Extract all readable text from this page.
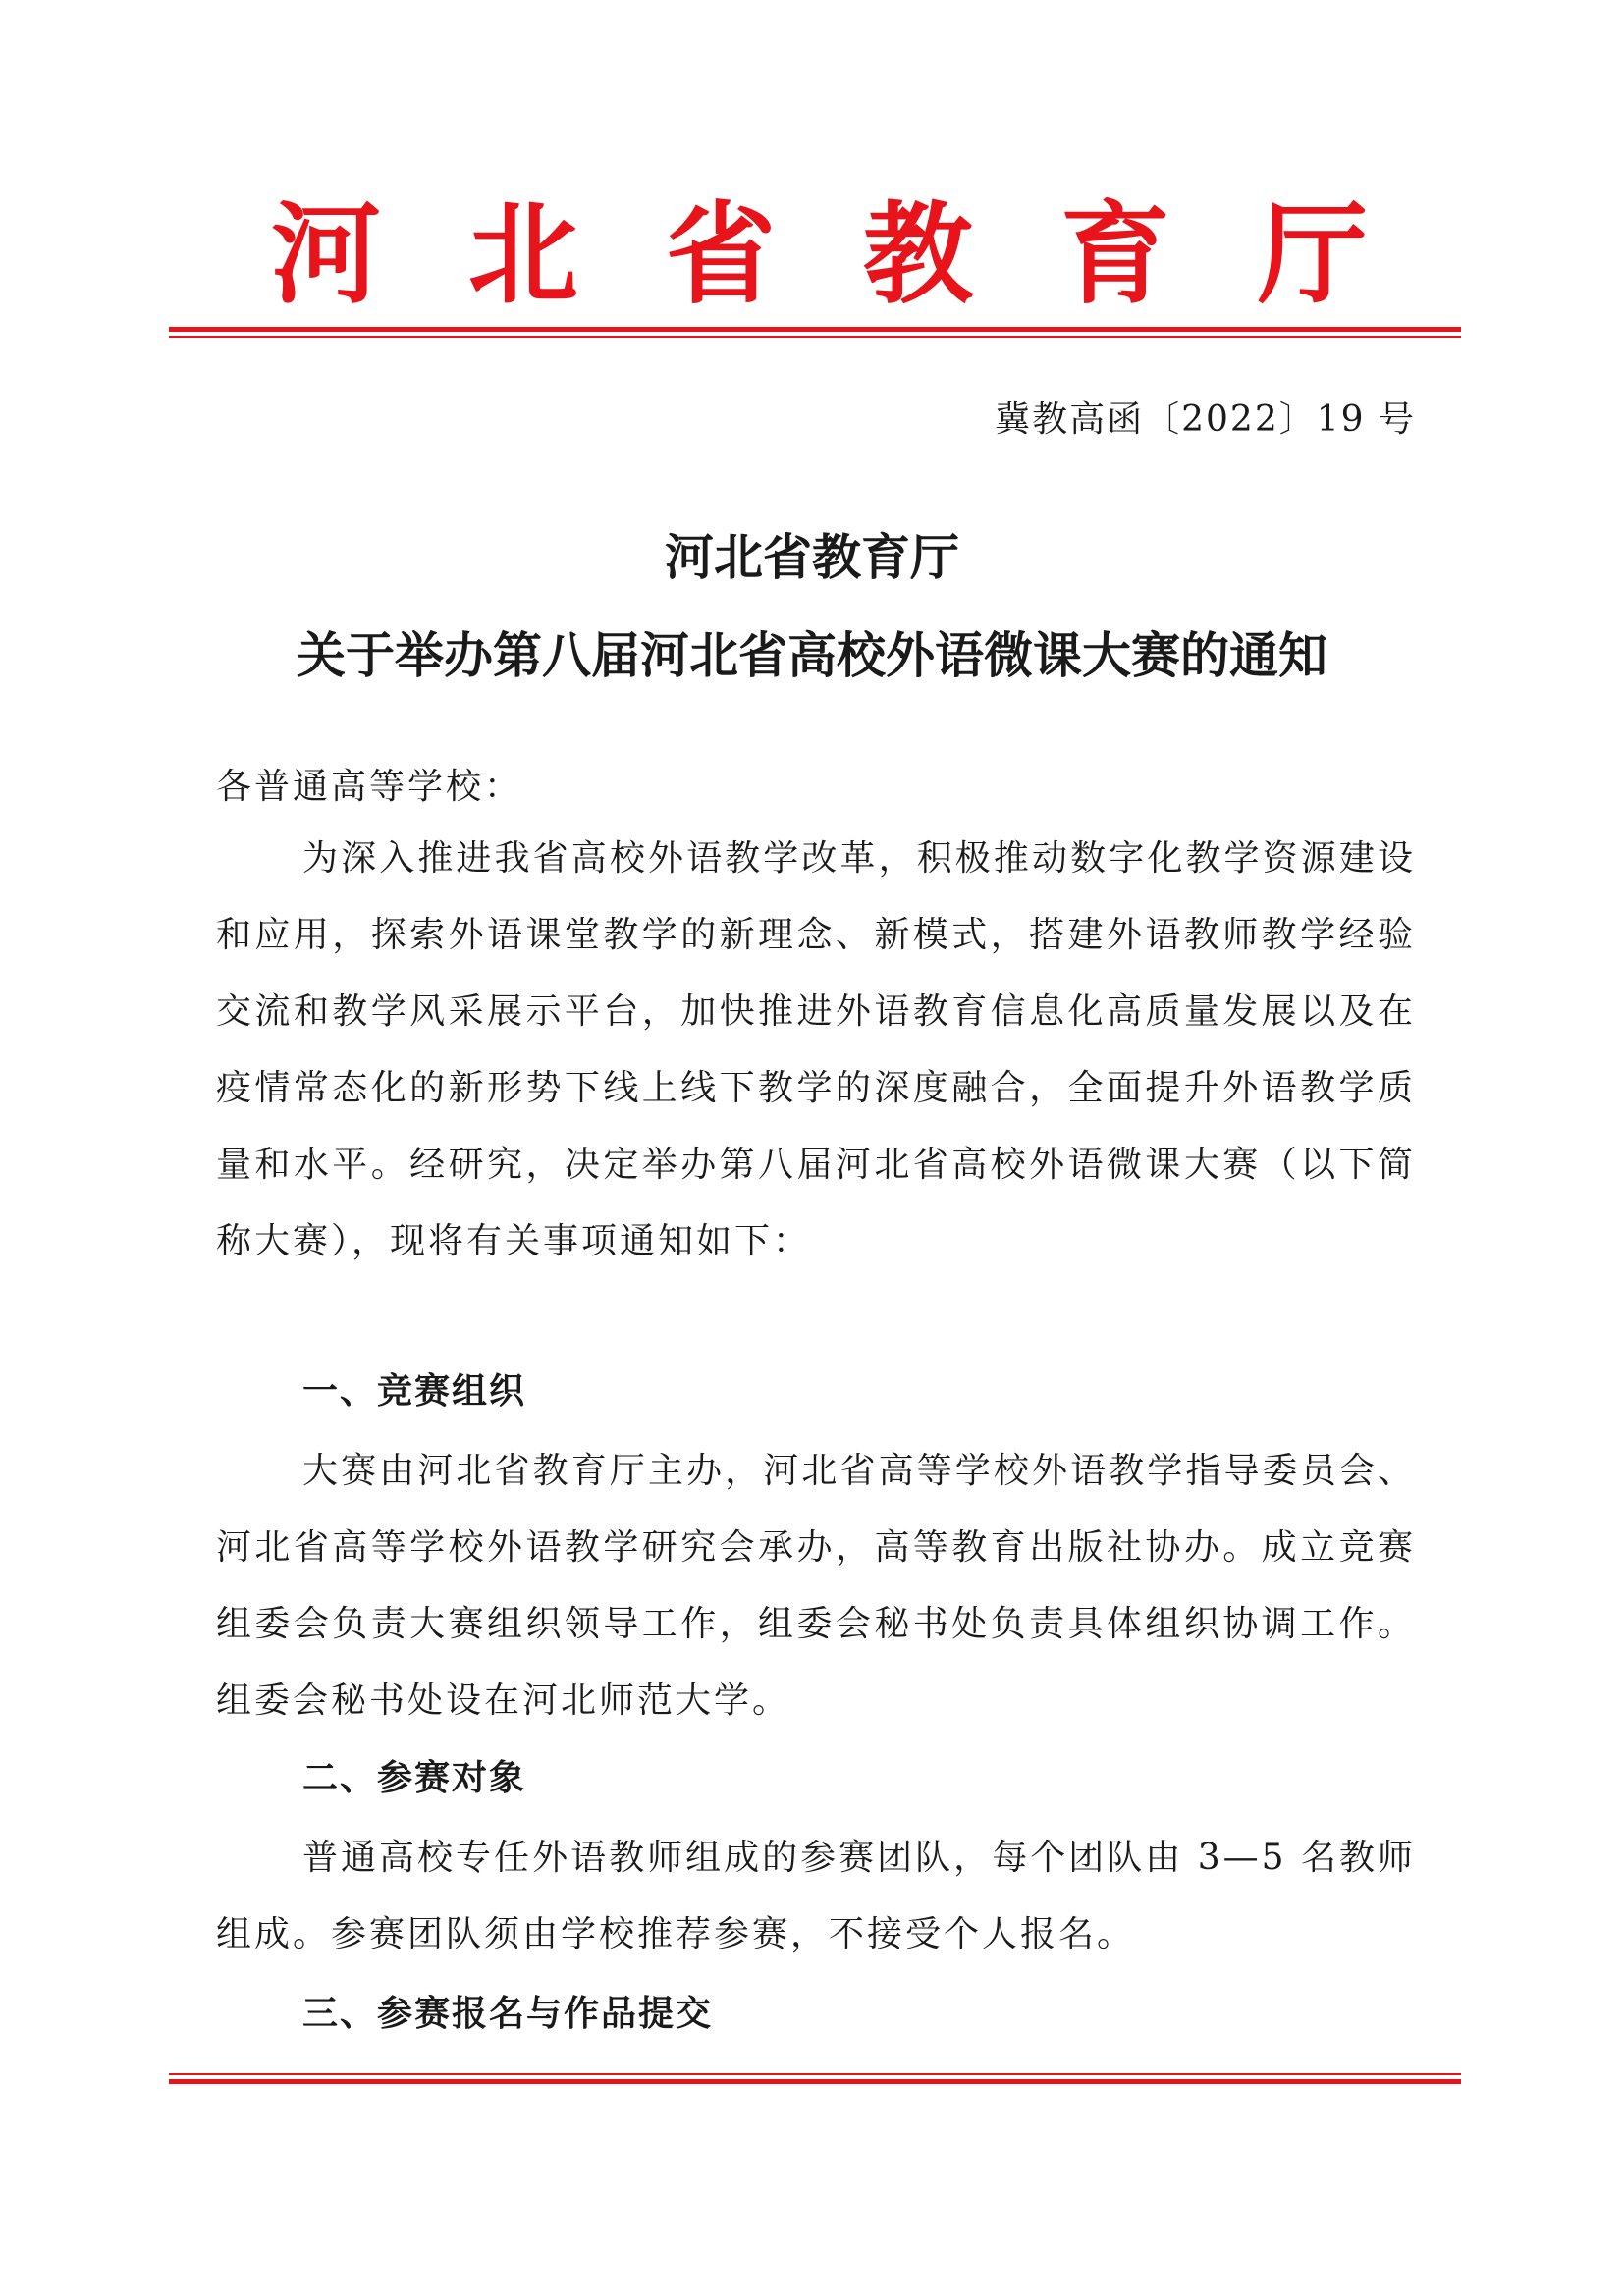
河 北 省 教 育 厅

冀教高函〔2022〕19 号

河北省教育厅
关于举办第八届河北省高校外语微课大赛的通知

各普通高等学校：

为深入推进我省高校外语教学改革，积极推动数字化教学资源建设和应用，探索外语课堂教学的新理念、新模式，搭建外语教师教学经验交流和教学风采展示平台，加快推进外语教育信息化高质量发展以及在疫情常态化的新形势下线上线下教学的深度融合，全面提升外语教学质量和水平。经研究，决定举办第八届河北省高校外语微课大赛（以下简称大赛），现将有关事项通知如下：

一、竞赛组织

大赛由河北省教育厅主办，河北省高等学校外语教学指导委员会、河北省高等学校外语教学研究会承办，高等教育出版社协办。成立竞赛组委会负责大赛组织领导工作，组委会秘书处负责具体组织协调工作。组委会秘书处设在河北师范大学。

二、参赛对象

普通高校专任外语教师组成的参赛团队，每个团队由 3—5 名教师组成。参赛团队须由学校推荐参赛，不接受个人报名。

三、参赛报名与作品提交
